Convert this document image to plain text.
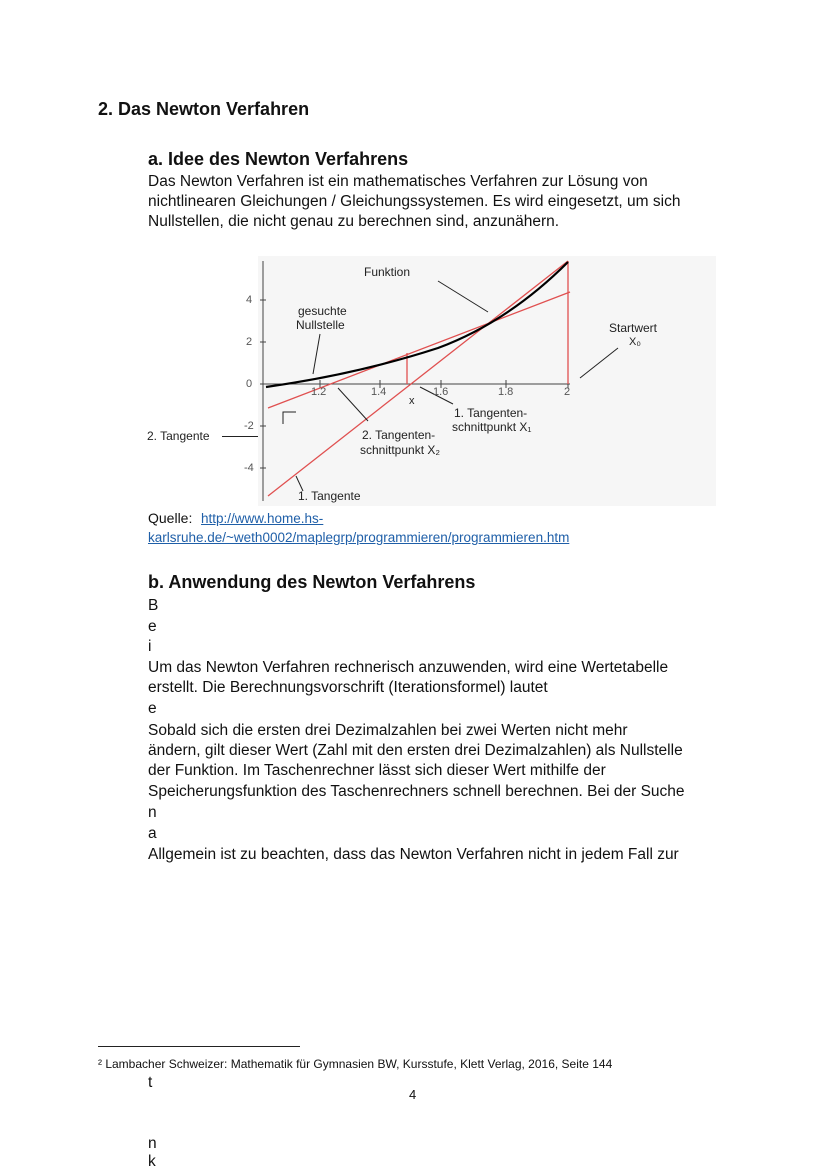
2. Das Newton Verfahren
a. Idee des Newton Verfahrens
Das Newton Verfahren ist ein mathematisches Verfahren zur Lösung von
nichtlinearen Gleichungen / Gleichungssystemen. Es wird eingesetzt, um sich
Nullstellen, die nicht genau zu berechnen sind, anzunähern.
Funktion
gesuchte
Nullstelle	Startwert
X₀
4
2
0
-2
-4
1.2	1.4	1.6	1.8	2
x
1. Tangenten-
schnittpunkt X₁
2. Tangenten-
schnittpunkt X₂
1. Tangente
2. Tangente
Quelle: http://www.home.hs-
karlsruhe.de/~weth0002/maplegrp/programmieren/programmieren.htm
b. Anwendung des Newton Verfahrens
B
e
i
Um das Newton Verfahren rechnerisch anzuwenden, wird eine Wertetabelle
erstellt. Die Berechnungsvorschrift (Iterationsformel) lautet
e
Sobald sich die ersten drei Dezimalzahlen bei zwei Werten nicht mehr
ändern, gilt dieser Wert (Zahl mit den ersten drei Dezimalzahlen) als Nullstelle
der Funktion. Im Taschenrechner lässt sich dieser Wert mithilfe der
Speicherungsfunktion des Taschenrechners schnell berechnen. Bei der Suche
n
a
Allgemein ist zu beachten, dass das Newton Verfahren nicht in jedem Fall zur

² Lambacher Schweizer: Mathematik für Gymnasien BW, Kursstufe, Klett Verlag, 2016, Seite 144
t
4
n
k
